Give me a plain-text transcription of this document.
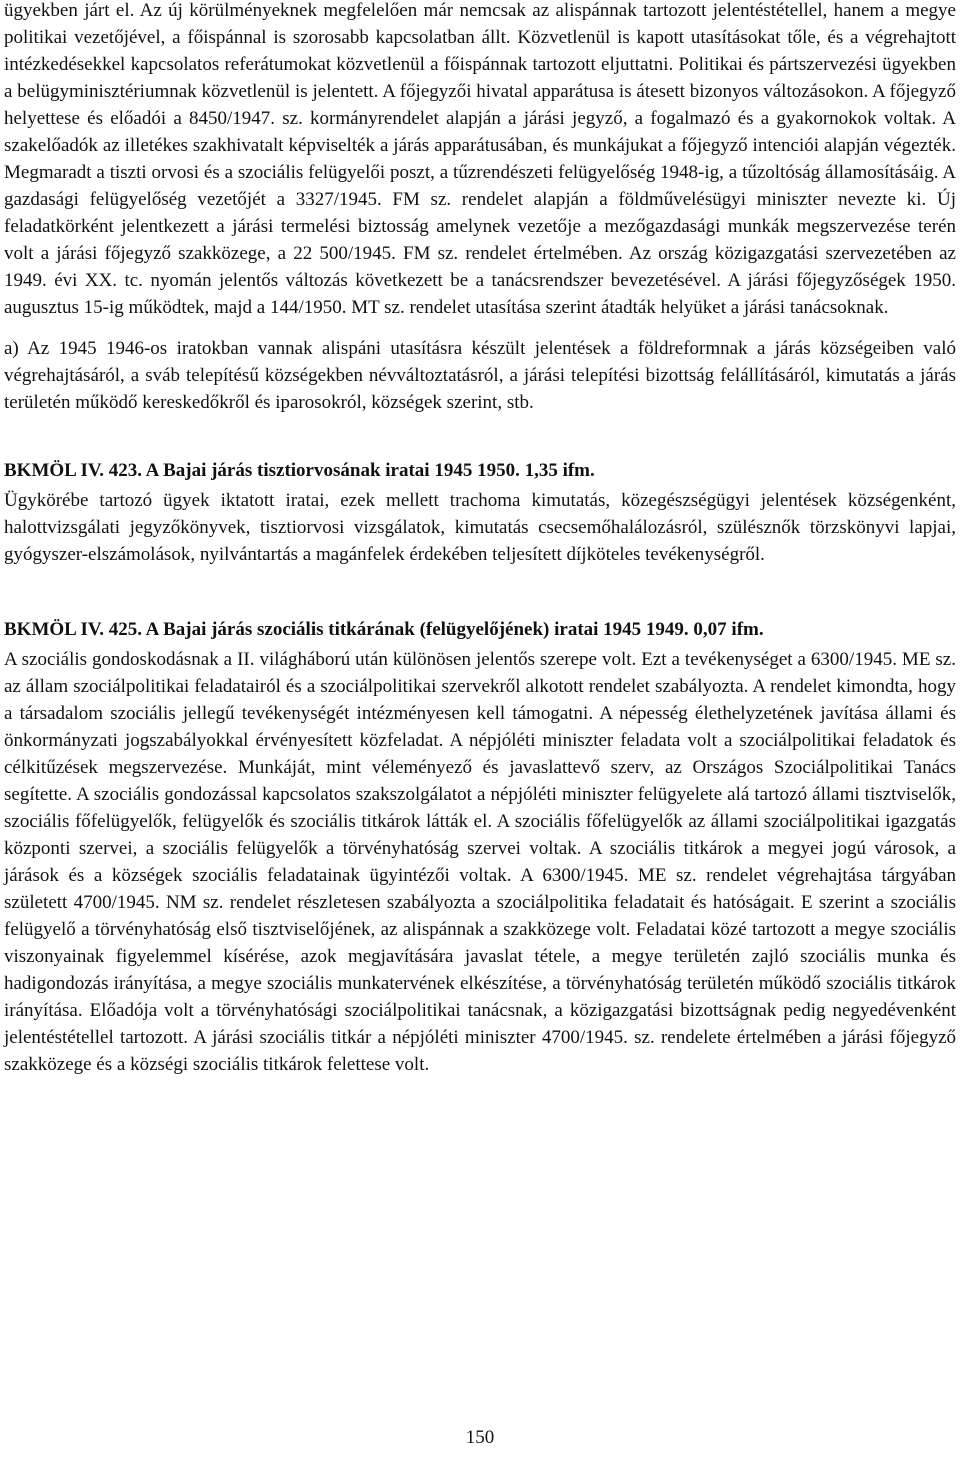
ügyekben járt el. Az új körülményeknek megfelelően már nemcsak az alispánnak tartozott jelentéstétellel, hanem a megye politikai vezetőjével, a főispánnal is szorosabb kapcsolatban állt. Közvetlenül is kapott utasításokat tőle, és a végrehajtott intézkedésekkel kapcsolatos referátumokat közvetlenül a főispánnak tartozott eljuttatni. Politikai és pártszervezési ügyekben a belügyminisztériumnak közvetlenül is jelentett. A főjegyzői hivatal apparátusa is átesett bizonyos változásokon. A főjegyző helyettese és előadói a 8450/1947. sz. kormányrendelet alapján a járási jegyző, a fogalmazó és a gyakornokok voltak. A szakelőadók az illetékes szakhivatalt képviselték a járás apparátusában, és munkájukat a főjegyző intenciói alapján végezték. Megmaradt a tiszti orvosi és a szociális felügyelői poszt, a tűzrendészeti felügyelőség 1948-ig, a tűzoltóság államosításáig. A gazdasági felügyelőség vezetőjét a 3327/1945. FM sz. rendelet alapján a földművelésügyi miniszter nevezte ki. Új feladatkörként jelentkezett a járási termelési biztosság amelynek vezetője a mezőgazdasági munkák megszervezése terén volt a járási főjegyző szakközege, a 22 500/1945. FM sz. rendelet értelmében. Az ország közigazgatási szervezetében az 1949. évi XX. tc. nyomán jelentős változás következett be a tanácsrendszer bevezetésével. A járási főjegyzőségek 1950. augusztus 15-ig működtek, majd a 144/1950. MT sz. rendelet utasítása szerint átadták helyüket a járási tanácsoknak.

a) Az 1945 1946-os iratokban vannak alispáni utasításra készült jelentések a földreformnak a járás községeiben való végrehajtásáról, a sváb telepítésű községekben névváltoztatásról, a járási telepítési bizottság felállításáról, kimutatás a járás területén működő kereskedőkről és iparosokról, községek szerint, stb.

BKMÖL IV. 423. A Bajai járás tisztiorvosának iratai 1945 1950. 1,35 ifm.

Ügykörébe tartozó ügyek iktatott iratai, ezek mellett trachoma kimutatás, közegészségügyi jelentések községenként, halottvizsgálati jegyzőkönyvek, tisztiorvosi vizsgálatok, kimutatás csecsemőhalálozásról, szülésznők törzskönyvi lapjai, gyógyszer-elszámolások, nyilvántartás a magánfelek érdekében teljesített díjköteles tevékenységről.

BKMÖL IV. 425. A Bajai járás szociális titkárának (felügyelőjének) iratai 1945 1949. 0,07 ifm.

A szociális gondoskodásnak a II. világháború után különösen jelentős szerepe volt. Ezt a tevékenységet a 6300/1945. ME sz. az állam szociálpolitikai feladatairól és a szociálpolitikai szervekről alkotott rendelet szabályozta. A rendelet kimondta, hogy a társadalom szociális jellegű tevékenységét intézményesen kell támogatni. A népesség élethelyzetének javítása állami és önkormányzati jogszabályokkal érvényesített közfeladat. A népjóléti miniszter feladata volt a szociálpolitikai feladatok és célkitűzések megszervezése. Munkáját, mint véleményező és javaslattevő szerv, az Országos Szociálpolitikai Tanács segítette. A szociális gondozással kapcsolatos szakszolgálatot a népjóléti miniszter felügyelete alá tartozó állami tisztviselők, szociális főfelügyelők, felügyelők és szociális titkárok látták el. A szociális főfelügyelők az állami szociálpolitikai igazgatás központi szervei, a szociális felügyelők a törvényhatóság szervei voltak. A szociális titkárok a megyei jogú városok, a járások és a községek szociális feladatainak ügyintézői voltak. A 6300/1945. ME sz. rendelet végrehajtása tárgyában született 4700/1945. NM sz. rendelet részletesen szabályozta a szociálpolitika feladatait és hatóságait. E szerint a szociális felügyelő a törvényhatóság első tisztviselőjének, az alispánnak a szakközege volt. Feladatai közé tartozott a megye szociális viszonyainak figyelemmel kísérése, azok megjavítására javaslat tétele, a megye területén zajló szociális munka és hadigondozás irányítása, a megye szociális munkatervének elkészítése, a törvényhatóság területén működő szociális titkárok irányítása. Előadója volt a törvényhatósági szociálpolitikai tanácsnak, a közigazgatási bizottságnak pedig negyedévenként jelentéstétellel tartozott. A járási szociális titkár a népjóléti miniszter 4700/1945. sz. rendelete értelmében a járási főjegyző szakközege és a községi szociális titkárok felettese volt.

150
